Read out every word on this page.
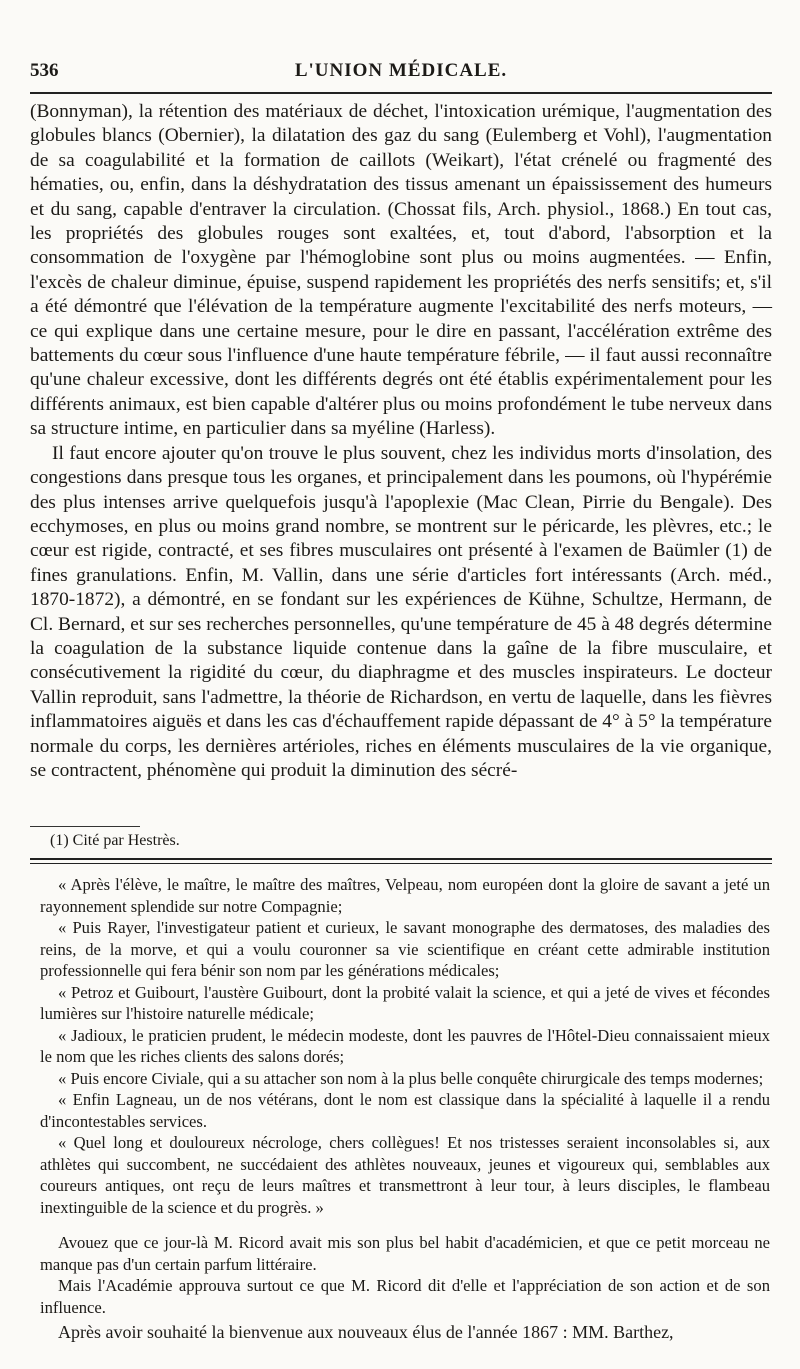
536	L'UNION MÉDICALE.

(Bonnyman), la rétention des matériaux de déchet, l'intoxication urémique, l'augmentation des globules blancs (Obernier), la dilatation des gaz du sang (Eulemberg et Vohl), l'augmentation de sa coagulabilité et la formation de caillots (Weikart), l'état crénelé ou fragmenté des hématies, ou, enfin, dans la déshydratation des tissus amenant un épaississement des humeurs et du sang, capable d'entraver la circulation. (Chossat fils, Arch. physiol., 1868.) En tout cas, les propriétés des globules rouges sont exaltées, et, tout d'abord, l'absorption et la consommation de l'oxygène par l'hémoglobine sont plus ou moins augmentées. — Enfin, l'excès de chaleur diminue, épuise, suspend rapidement les propriétés des nerfs sensitifs; et, s'il a été démontré que l'élévation de la température augmente l'excitabilité des nerfs moteurs, — ce qui explique dans une certaine mesure, pour le dire en passant, l'accélération extrême des battements du cœur sous l'influence d'une haute température fébrile, — il faut aussi reconnaître qu'une chaleur excessive, dont les différents degrés ont été établis expérimentalement pour les différents animaux, est bien capable d'altérer plus ou moins profondément le tube nerveux dans sa structure intime, en particulier dans sa myéline (Harless).

Il faut encore ajouter qu'on trouve le plus souvent, chez les individus morts d'insolation, des congestions dans presque tous les organes, et principalement dans les poumons, où l'hypérémie des plus intenses arrive quelquefois jusqu'à l'apoplexie (Mac Clean, Pirrie du Bengale). Des ecchymoses, en plus ou moins grand nombre, se montrent sur le péricarde, les plèvres, etc.; le cœur est rigide, contracté, et ses fibres musculaires ont présenté à l'examen de Baümler (1) de fines granulations. Enfin, M. Vallin, dans une série d'articles fort intéressants (Arch. méd., 1870-1872), a démontré, en se fondant sur les expériences de Kühne, Schultze, Hermann, de Cl. Bernard, et sur ses recherches personnelles, qu'une température de 45 à 48 degrés détermine la coagulation de la substance liquide contenue dans la gaîne de la fibre musculaire, et consécutivement la rigidité du cœur, du diaphragme et des muscles inspirateurs. Le docteur Vallin reproduit, sans l'admettre, la théorie de Richardson, en vertu de laquelle, dans les fièvres inflammatoires aiguës et dans les cas d'échauffement rapide dépassant de 4° à 5° la température normale du corps, les dernières artérioles, riches en éléments musculaires de la vie organique, se contractent, phénomène qui produit la diminution des sécré-

(1) Cité par Hestrès.

« Après l'élève, le maître, le maître des maîtres, Velpeau, nom européen dont la gloire de savant a jeté un rayonnement splendide sur notre Compagnie;

« Puis Rayer, l'investigateur patient et curieux, le savant monographe des dermatoses, des maladies des reins, de la morve, et qui a voulu couronner sa vie scientifique en créant cette admirable institution professionnelle qui fera bénir son nom par les générations médicales;

« Petroz et Guibourt, l'austère Guibourt, dont la probité valait la science, et qui a jeté de vives et fécondes lumières sur l'histoire naturelle médicale;

« Jadioux, le praticien prudent, le médecin modeste, dont les pauvres de l'Hôtel-Dieu connaissaient mieux le nom que les riches clients des salons dorés;

« Puis encore Civiale, qui a su attacher son nom à la plus belle conquête chirurgicale des temps modernes;

« Enfin Lagneau, un de nos vétérans, dont le nom est classique dans la spécialité à laquelle il a rendu d'incontestables services.

« Quel long et douloureux nécrologe, chers collègues! Et nos tristesses seraient inconsolables si, aux athlètes qui succombent, ne succédaient des athlètes nouveaux, jeunes et vigoureux qui, semblables aux coureurs antiques, ont reçu de leurs maîtres et transmettront à leur tour, à leurs disciples, le flambeau inextinguible de la science et du progrès. »

Avouez que ce jour-là M. Ricord avait mis son plus bel habit d'académicien, et que ce petit morceau ne manque pas d'un certain parfum littéraire.

Mais l'Académie approuva surtout ce que M. Ricord dit d'elle et l'appréciation de son action et de son influence.

Après avoir souhaité la bienvenue aux nouveaux élus de l'année 1867 : MM. Barthez,
